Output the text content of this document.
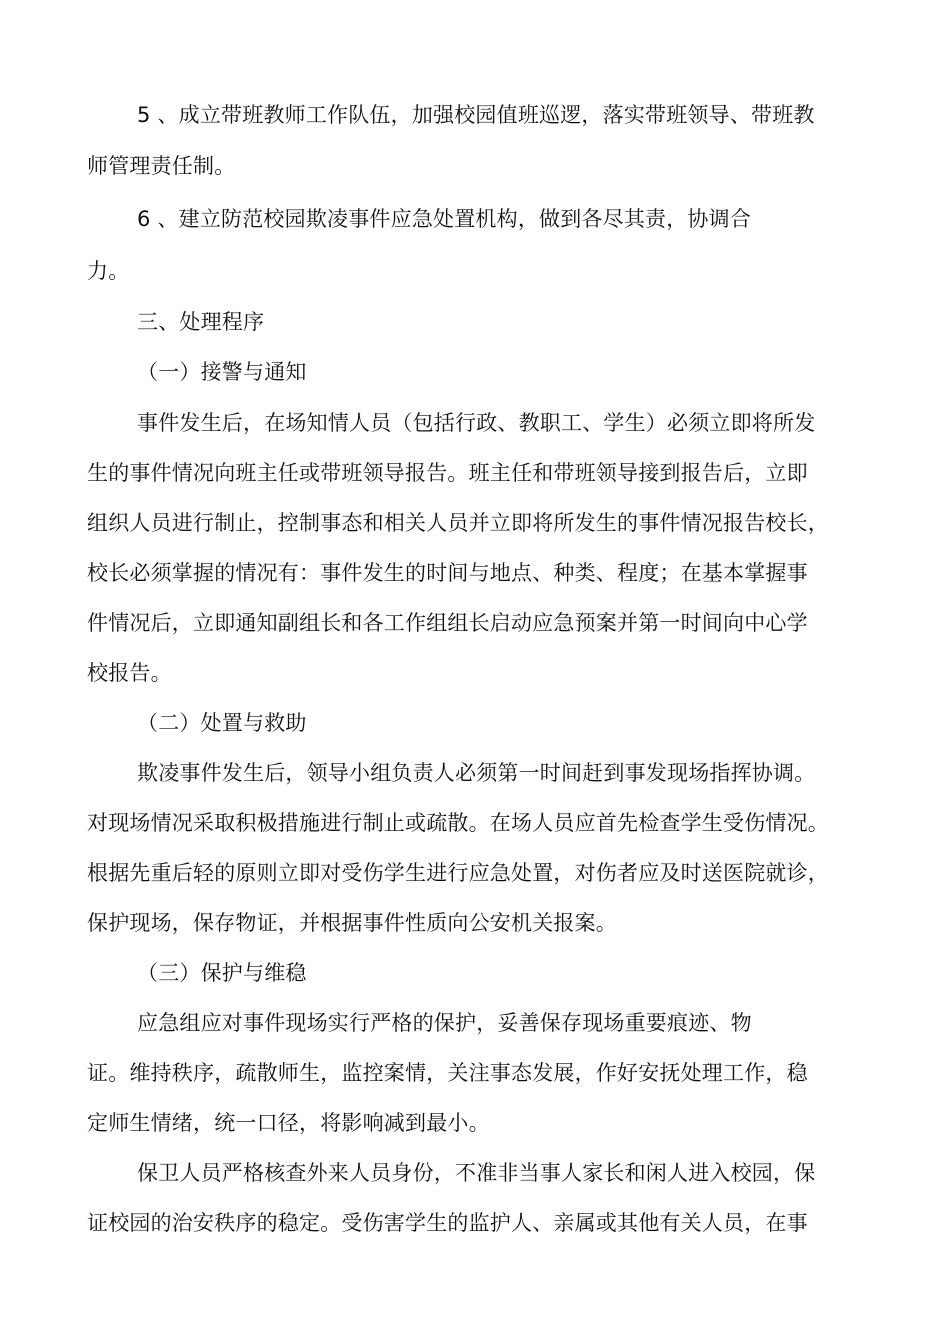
5 、成立带班教师工作队伍，加强校园值班巡逻，落实带班领导、带班教

师管理责任制。

6 、建立防范校园欺凌事件应急处置机构，做到各尽其责，协调合

力。

三、处理程序

（一）接警与通知

事件发生后，在场知情人员（包括行政、教职工、学生）必须立即将所发

生的事件情况向班主任或带班领导报告。班主任和带班领导接到报告后，立即

组织人员进行制止，控制事态和相关人员并立即将所发生的事件情况报告校长，

校长必须掌握的情况有：事件发生的时间与地点、种类、程度；在基本掌握事

件情况后，立即通知副组长和各工作组组长启动应急预案并第一时间向中心学

校报告。

（二）处置与救助

欺凌事件发生后，领导小组负责人必须第一时间赶到事发现场指挥协调。

对现场情况采取积极措施进行制止或疏散。在场人员应首先检查学生受伤情况。

根据先重后轻的原则立即对受伤学生进行应急处置，对伤者应及时送医院就诊，

保护现场，保存物证，并根据事件性质向公安机关报案。

（三）保护与维稳

应急组应对事件现场实行严格的保护，妥善保存现场重要痕迹、物

证。维持秩序，疏散师生，监控案情，关注事态发展，作好安抚处理工作，稳

定师生情绪，统一口径，将影响减到最小。

保卫人员严格核查外来人员身份，不准非当事人家长和闲人进入校园，保

证校园的治安秩序的稳定。受伤害学生的监护人、亲属或其他有关人员，在事
